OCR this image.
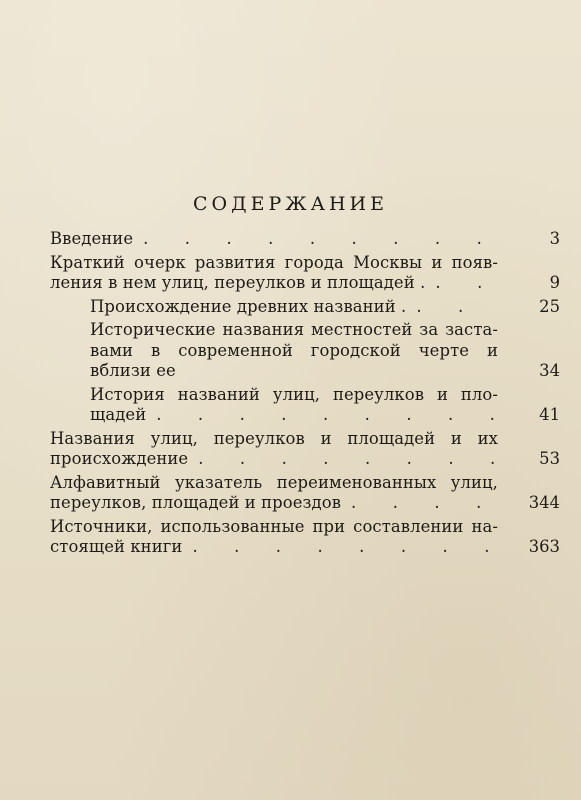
СОДЕРЖАНИЕ
Введение .	3
Краткий очерк развития города Москвы и появ-
ления в нем улиц, переулков и площадей . .	9
Происхождение древних названий . .	25
Исторические названия местностей за заста-
вами в современной городской черте и
вблизи ее	34
История названий улиц, переулков и пло-
щадей .	41
Названия улиц, переулков и площадей и их
происхождение .	53
Алфавитный указатель переименованных улиц,
переулков, площадей и проездов .	344
Источники, использованные при составлении на-
стоящей книги .	363
